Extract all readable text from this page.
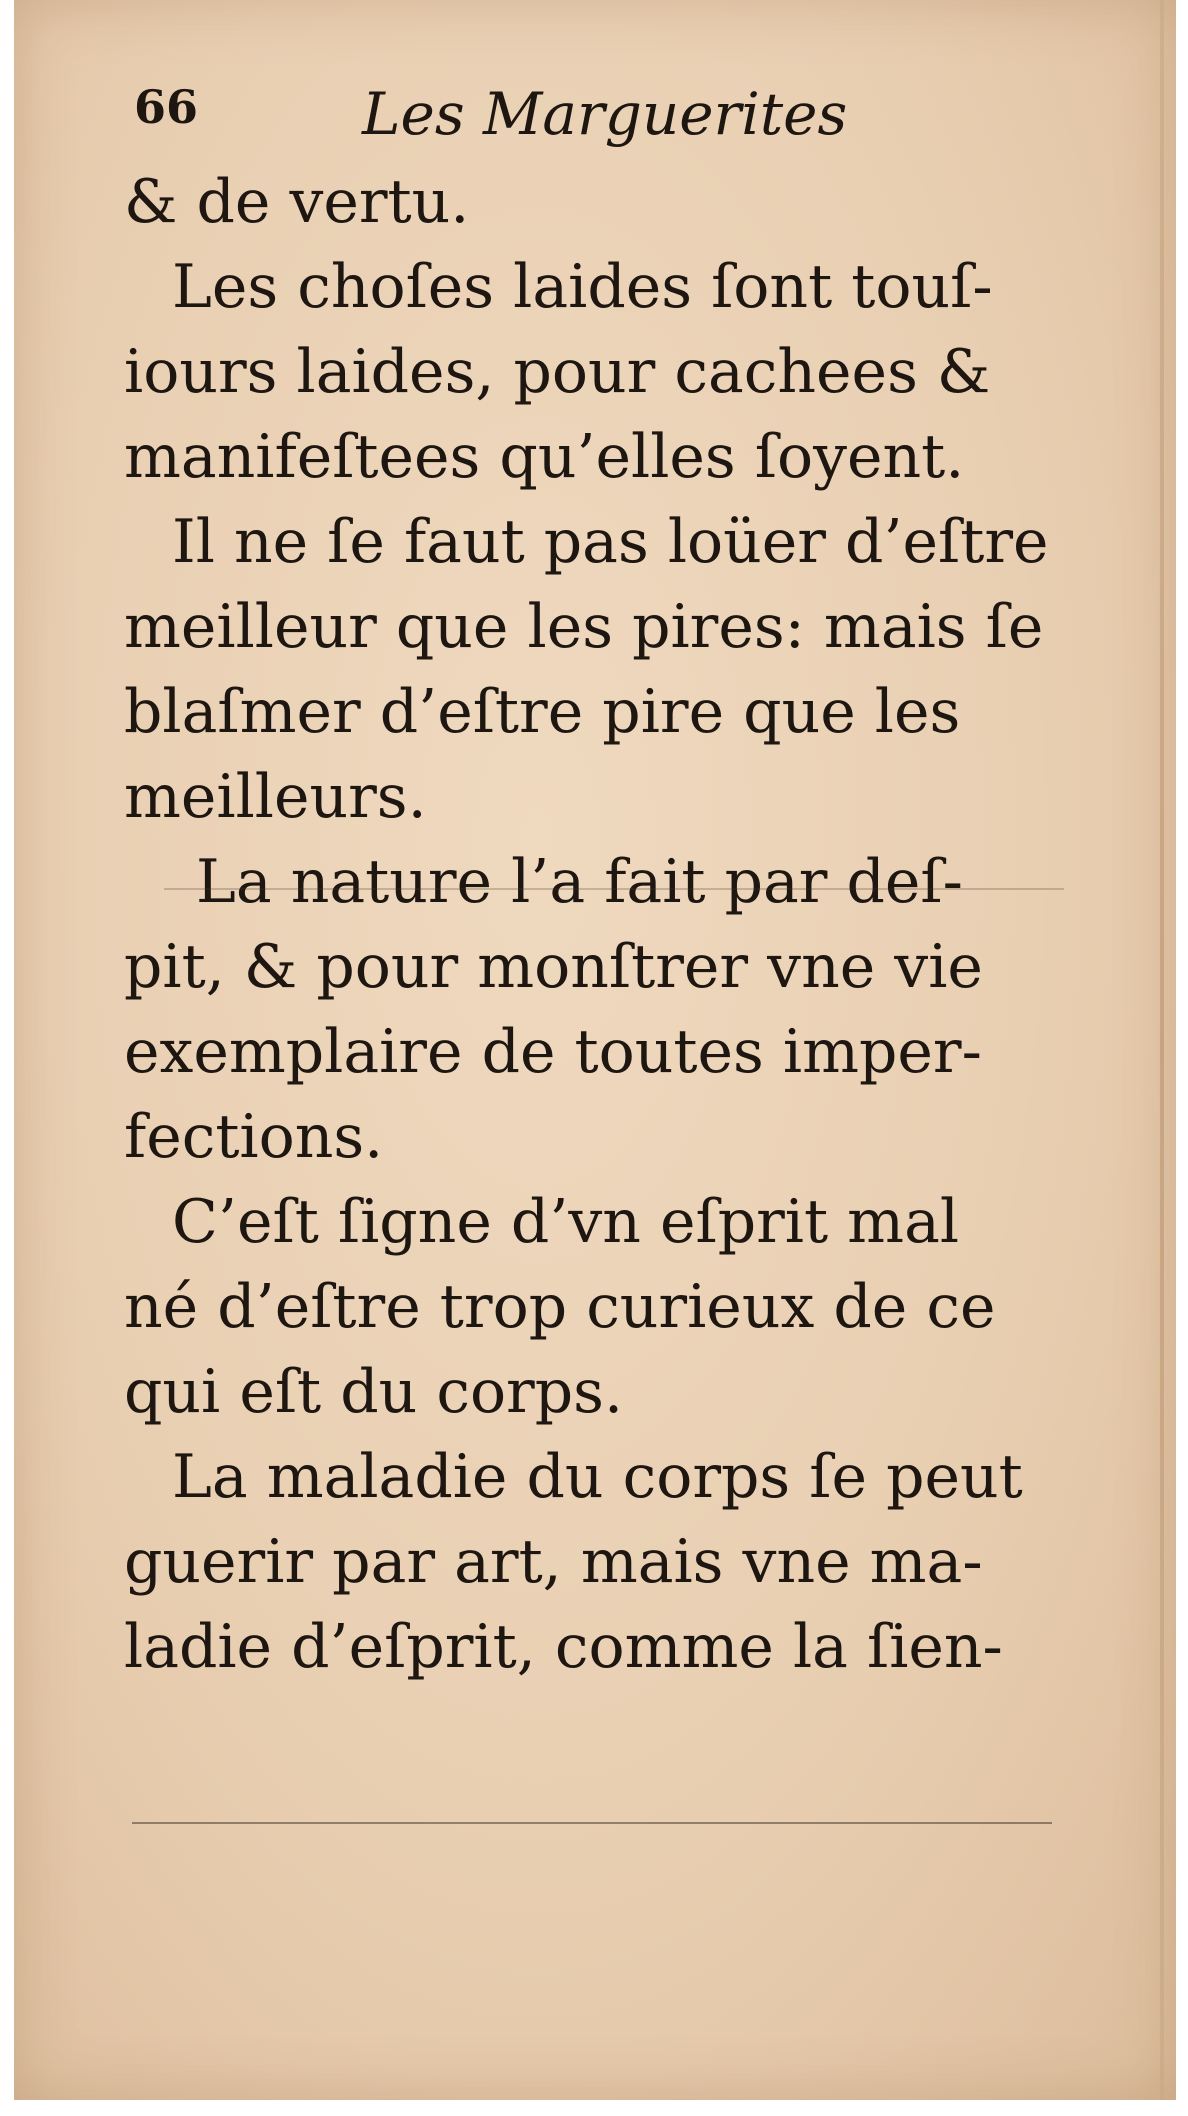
66	Les Marguerites
& de vertu.
Les choſes laides ſont touſ-
iours laides, pour cachees &
manifeſtees qu’elles ſoyent.
Il ne ſe faut pas loüer d’eſtre
meilleur que les pires: mais ſe
blaſmer d’eſtre pire que les
meilleurs.
La nature l’a fait par deſ-
pit, & pour monſtrer vne vie
exemplaire de toutes imper-
fections.
C’eſt ſigne d’vn eſprit mal
né d’eſtre trop curieux de ce
qui eſt du corps.
La maladie du corps ſe peut
guerir par art, mais vne ma-
ladie d’eſprit, comme la ſien-
